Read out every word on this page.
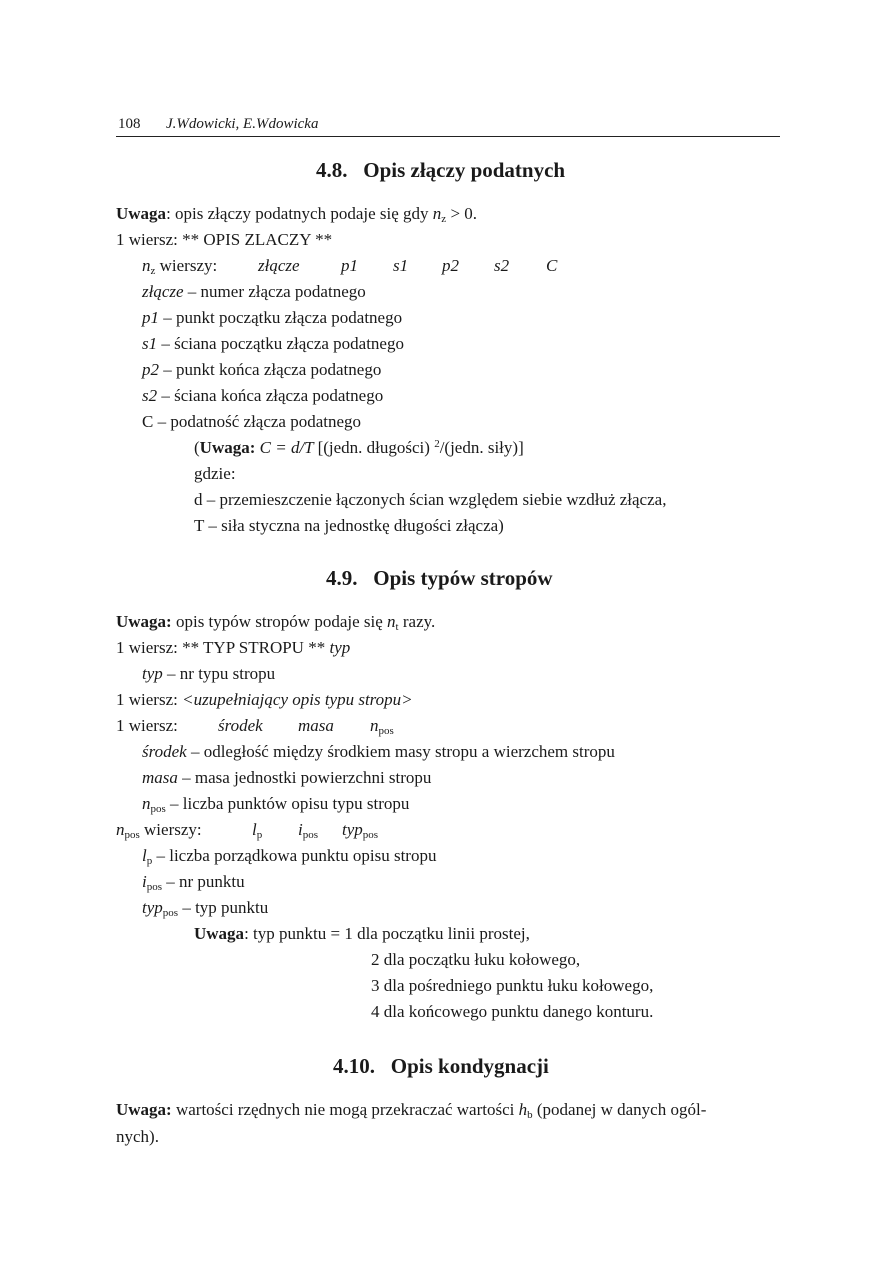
108 J.Wdowicki, E.Wdowicka
4.8.   Opis złączy podatnych
Uwaga: opis złączy podatnych podaje się gdy $n_z > 0$.
1 wiersz: ** OPIS ZLACZY **
$n_z$ wierszy: złącze p1 s1 p2 s2 C
złącze – numer złącza podatnego
p1 – punkt początku złącza podatnego
s1 – ściana początku złącza podatnego
p2 – punkt końca złącza podatnego
s2 – ściana końca złącza podatnego
C – podatność złącza podatnego
(Uwaga: C = d/T [(jedn. długości) $^2$/(jedn. siły)]
gdzie:
d – przemieszczenie łączonych ścian względem siebie wzdłuż złącza,
T – siła styczna na jednostkę długości złącza)
4.9.   Opis typów stropów
Uwaga: opis typów stropów podaje się $n_t$ razy.
1 wiersz: ** TYP STROPU ** typ
typ – nr typu stropu
1 wiersz: <uzupełniający opis typu stropu>
1 wiersz: środek masa $n_{pos}$
środek – odległość między środkiem masy stropu a wierzchem stropu
masa – masa jednostki powierzchni stropu
$n_{pos}$ – liczba punktów opisu typu stropu
$n_{pos}$ wierszy:	$l_p$ $i_{pos}$ typ$_{pos}$
$l_p$ – liczba porządkowa punktu opisu stropu
$i_{pos}$ – nr punktu
typ$_{pos}$ – typ punktu
Uwaga: typ punktu = 1 dla początku linii prostej,
2 dla początku łuku kołowego,
3 dla pośredniego punktu łuku kołowego,
4 dla końcowego punktu danego konturu.
4.10.   Opis kondygnacji
Uwaga: wartości rzędnych nie mogą przekraczać wartości $h_b$ (podanej w danych ogól-
nych).
